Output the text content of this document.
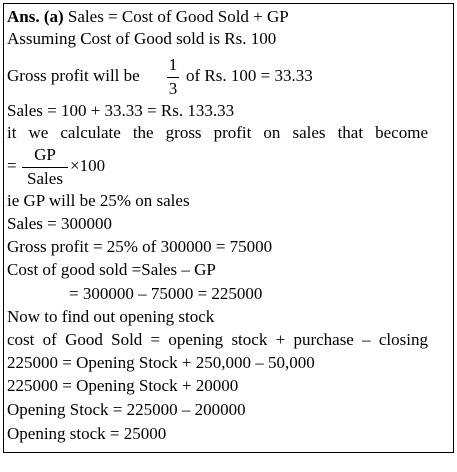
Ans. (a) Sales = Cost of Good Sold + GP
Assuming Cost of Good sold is Rs. 100
Gross profit will be
1
3
of Rs. 100 = 33.33
Sales = 100 + 33.33 = Rs. 133.33
it we calculate the gross profit on sales that become
=
GP
Sales
×100
ie GP will be 25% on sales
Sales = 300000
Gross profit = 25% of 300000 = 75000
Cost of good sold =Sales – GP
= 300000 – 75000 = 225000
Now to find out opening stock
cost of Good Sold = opening stock + purchase – closing
225000 = Opening Stock + 250,000 – 50,000
225000 = Opening Stock + 20000
Opening Stock = 225000 – 200000
Opening stock = 25000
